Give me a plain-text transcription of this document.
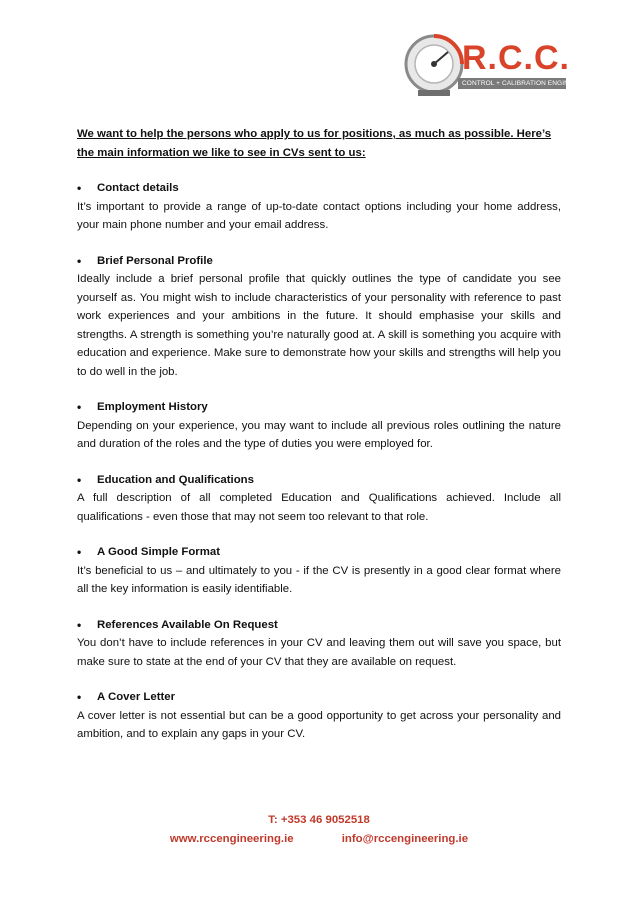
R.C.C.
CONTROL + CALIBRATION ENGINEERING

We want to help the persons who apply to us for positions, as much as possible. Here’s the main information we like to see in CVs sent to us:

•	Contact details

It’s important to provide a range of up-to-date contact options including your home address, your main phone number and your email address.

•	Brief Personal Profile

Ideally include a brief personal profile that quickly outlines the type of candidate you see yourself as. You might wish to include characteristics of your personality with reference to past work experiences and your ambitions in the future. It should emphasise your skills and strengths. A strength is something you’re naturally good at. A skill is something you acquire with education and experience. Make sure to demonstrate how your skills and strengths will help you to do well in the job.

•	Employment History

Depending on your experience, you may want to include all previous roles outlining the nature and duration of the roles and the type of duties you were employed for.

•	Education and Qualifications

A full description of all completed Education and Qualifications achieved. Include all qualifications - even those that may not seem too relevant to that role.

•	A Good Simple Format

It’s beneficial to us – and ultimately to you - if the CV is presently in a good clear format where all the key information is easily identifiable.

•	References Available On Request

You don’t have to include references in your CV and leaving them out will save you space, but make sure to state at the end of your CV that they are available on request.

•	A Cover Letter

A cover letter is not essential but can be a good opportunity to get across your personality and ambition, and to explain any gaps in your CV.

T: +353 46 9052518
www.rccengineering.ie	info@rccengineering.ie
